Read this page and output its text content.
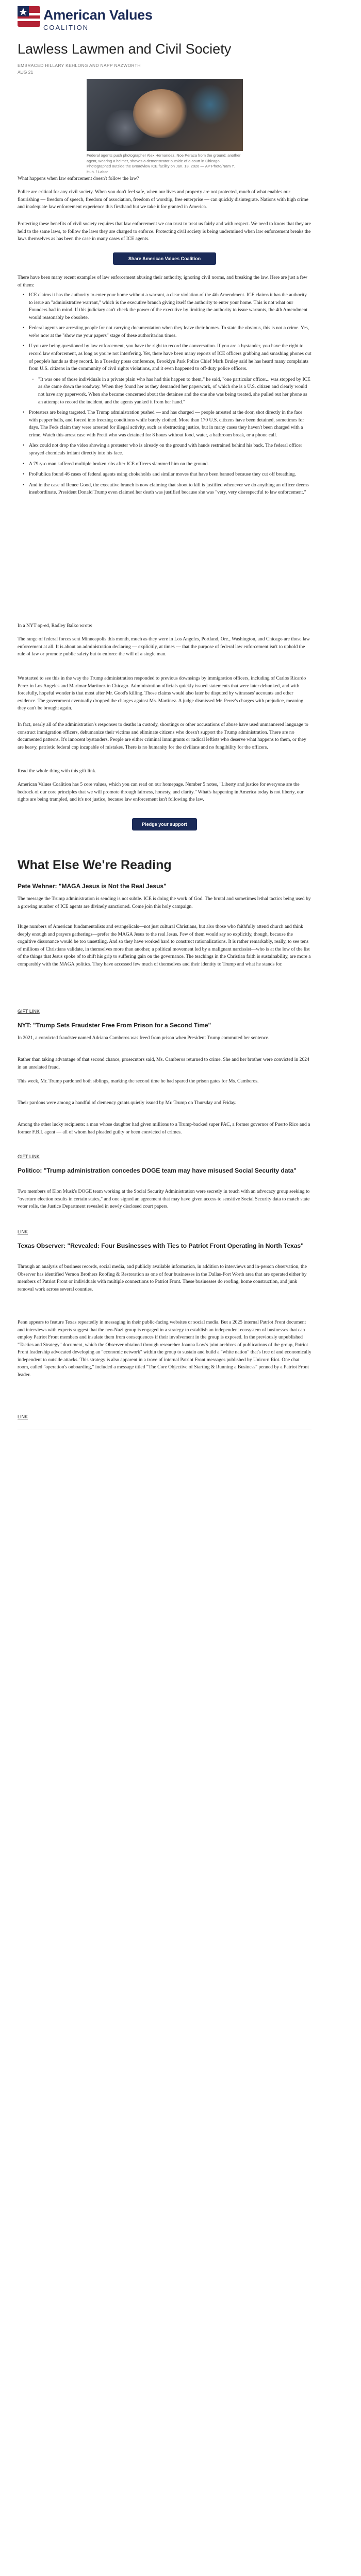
American Values
COALITION
Lawless Lawmen and Civil Society
EMBRACED HILLARY KEHLONG AND NAPP NAZWORTH
AUG 21
Federal agents push photographer Alex Hernandez, Noe Peraza from the ground; another agent, wearing a helmet, shoves a demonstrator outside of a court in Chicago. Photographed outside the Broadview ICE facility on Jan. 13, 2026 — AP Photo/Nam Y. Huh. / Labor

What happens when law enforcement doesn't follow the law?

Police are critical for any civil society. When you don't feel safe, when our lives and property are not protected, much of what enables our flourishing — freedom of speech, freedom of association, freedom of worship, free enterprise — can quickly disintegrate. Nations with high crime and inadequate law enforcement experience this firsthand but we take it for granted in America.

Protecting these benefits of civil society requires that law enforcement we can trust to treat us fairly and with respect. We need to know that they are held to the same laws, to follow the laws they are charged to enforce. Protecting civil society is being undermined when law enforcement breaks the laws themselves as has been the case in many cases of ICE agents.

Share American Values Coalition

There have been many recent examples of law enforcement abusing their authority, ignoring civil norms, and breaking the law. Here are just a few of them:

• ICE claims it has the authority to enter your home without a warrant, a clear violation of the 4th Amendment. ICE claims it has the authority to issue an "administrative warrant," which is the executive branch giving itself the authority to enter your home. This is not what our Founders had in mind. If this judiciary can't check the power of the executive by limiting the authority to issue warrants, the 4th Amendment would reasonably be obsolete.
• Federal agents are arresting people for not carrying documentation when they leave their homes. To state the obvious, this is not a crime. Yes, we're now at the "show me your papers" stage of these authoritarian times.
• If you are being questioned by law enforcement, you have the right to record the conversation. If you are a bystander, you have the right to record law enforcement, as long as you're not interfering. Yet, there have been many reports of ICE officers grabbing and smashing phones out of people's hands as they record. In a Tuesday press conference, Brooklyn Park Police Chief Mark Bruley said he has heard many complaints from U.S. citizens in the community of civil rights violations, and it even happened to off-duty police officers.
◦ "It was one of those individuals in a private plain who has had this happen to them," he said, "one particular officer... was stopped by ICE as she came down the roadway. When they found her as they demanded her paperwork, of which she is a U.S. citizen and clearly would not have any paperwork. When she became concerned about the detainee and the one she was being treated, she pulled out her phone as an attempt to record the incident, and the agents yanked it from her hand."
• Protesters are being targeted. The Trump administration pushed — and has charged — people arrested at the door, shot directly in the face with pepper balls, and forced into freezing conditions while barely clothed. More than 170 U.S. citizens have been detained, sometimes for days. The Feds claim they were arrested for illegal activity, such as obstructing justice, but in many cases they haven't been charged with a crime. Watch this arrest case with Pretti who was detained for 8 hours without food, water, a bathroom break, or a phone call.
• Alex could not drop the video showing a protester who is already on the ground with hands restrained behind his back. The federal officer sprayed chemicals irritant directly into his face.
• A 79-y-o man suffered multiple broken ribs after ICE officers slammed him on the ground.
• ProPublica found 46 cases of federal agents using chokeholds and similar moves that have been banned because they cut off breathing.
• And in the case of Renee Good, the executive branch is now claiming that shoot to kill is justified whenever we do anything an officer deems insubordinate. President Donald Trump even claimed her death was justified because she was "very, very disrespectful to law enforcement."

In a NYT op-ed, Radley Balko wrote:

The range of federal forces sent Minneapolis this month, much as they were in Los Angeles, Portland, Ore., Washington, and Chicago are those law enforcement at all. It is about an administration declaring — explicitly, at times — that the purpose of federal law enforcement isn't to uphold the rule of law or promote public safety but to enforce the will of a single man.

We started to see this in the way the Trump administration responded to previous downsings by immigration officers, including of Carlos Ricardo Perez in Los Angeles and Marimar Martinez in Chicago. Administration officials quickly issued statements that were later debunked, and with forcefully, hopeful wonder is that most after Mr. Good's killing. Those claims would also later be disputed by witnesses' accounts and other evidence. The government eventually dropped the charges against Ms. Martinez. A judge dismissed Mr. Perez's charges with prejudice, meaning they can't be brought again.

In fact, nearly all of the administration's responses to deaths in custody, shootings or other accusations of abuse have used unmannered language to construct immigration officers, dehumanize their victims and eliminate citizens who doesn't support the Trump administration. There are no documented patterns. It's innocent bystanders. People are either criminal immigrants or radical leftists who deserve what happens to them, or they are heavy, patriotic federal cop incapable of mistakes. There is no humanity for the civilians and no fungibility for the officers.

Read the whole thing with this gift link.

American Values Coalition has 5 core values, which you can read on our homepage. Number 5 notes, "Liberty and justice for everyone are the bedrock of our core principles that we will promote through fairness, honesty, and clarity." What's happening in America today is not liberty, our rights are being trampled, and it's not justice, because law enforcement isn't following the law.

Pledge your support
What Else We're Reading
Pete Wehner: "MAGA Jesus is Not the Real Jesus"

The message the Trump administration is sending is not subtle. ICE is doing the work of God. The brutal and sometimes lethal tactics being used by a growing number of ICE agents are divinely sanctioned. Come join this holy campaign.

Huge numbers of American fundamentalists and evangelicals—not just cultural Christians, but also those who faithfully attend church and think deeply enough and prayers gatherings—prefer the MAGA Jesus to the real Jesus. Few of them would say so explicitly, though, because the cognitive dissonance would be too unsettling. And so they have worked hard to construct rationalizations. It is rather remarkably, really, to see tens of millions of Christians validate, in themselves more than another, a political movement led by a malignant narcissist—who is at the low of the list of the things that Jesus spoke of to shift his grip to suffering gain on the governance. The teachings in the Christian faith is sustainability, are more a comparably with the MAGA politics. They have accessed few much of themselves and their identity to Trump and what he stands for.

GIFT LINK
NYT: "Trump Sets Fraudster Free From Prison for a Second Time"

In 2021, a convicted fraudster named Adriana Camberos was freed from prison when President Trump commuted her sentence.

Rather than taking advantage of that second chance, prosecutors said, Ms. Camberos returned to crime. She and her brother were convicted in 2024 in an unrelated fraud.

This week, Mr. Trump pardoned both siblings, marking the second time he had spared the prison gates for Ms. Camberos.

Their pardons were among a handful of clemency grants quietly issued by Mr. Trump on Thursday and Friday.

Among the other lucky recipients: a man whose daughter had given millions to a Trump-backed super PAC, a former governor of Puerto Rico and a former F.B.I. agent — all of whom had pleaded guilty or been convicted of crimes.

GIFT LINK
Politico: "Trump administration concedes DOGE team may have misused Social Security data"

Two members of Elon Musk's DOGE team working at the Social Security Administration were secretly in touch with an advocacy group seeking to "overturn election results in certain states," and one signed an agreement that may have given access to sensitive Social Security data to match state voter rolls, the Justice Department revealed in newly disclosed court papers.

LINK
Texas Observer: "Revealed: Four Businesses with Ties to Patriot Front Operating in North Texas"

Through an analysis of business records, social media, and publicly available information, in addition to interviews and in-person observation, the Observer has identified Vernon Brothers Roofing & Restoration as one of four businesses in the Dallas-Fort Worth area that are operated either by members of Patriot Front or individuals with multiple connections to Patriot Front. These businesses do roofing, home construction, and junk removal work across several counties.

Penn appears to feature Texas repeatedly in messaging in their public-facing websites or social media. But a 2025 internal Patriot Front document and interviews with experts suggest that the neo-Nazi group is engaged in a strategy to establish an independent ecosystem of businesses that can employ Patriot Front members and insulate them from consequences if their involvement in the group is exposed. In the previously unpublished "Tactics and Strategy" document, which the Observer obtained through researcher Joanna Low's joint archives of publications of the group, Patriot Front leadership advocated developing an "economic network" within the group to sustain and build a "white nation" that's free of and economically independent to outside attacks. This strategy is also apparent in a trove of internal Patriot Front messages published by Unicorn Riot. One chat room, called "operation's onboarding," included a message titled "The Core Objective of Starting & Running a Business" penned by a Patriot Front leader.

LINK
